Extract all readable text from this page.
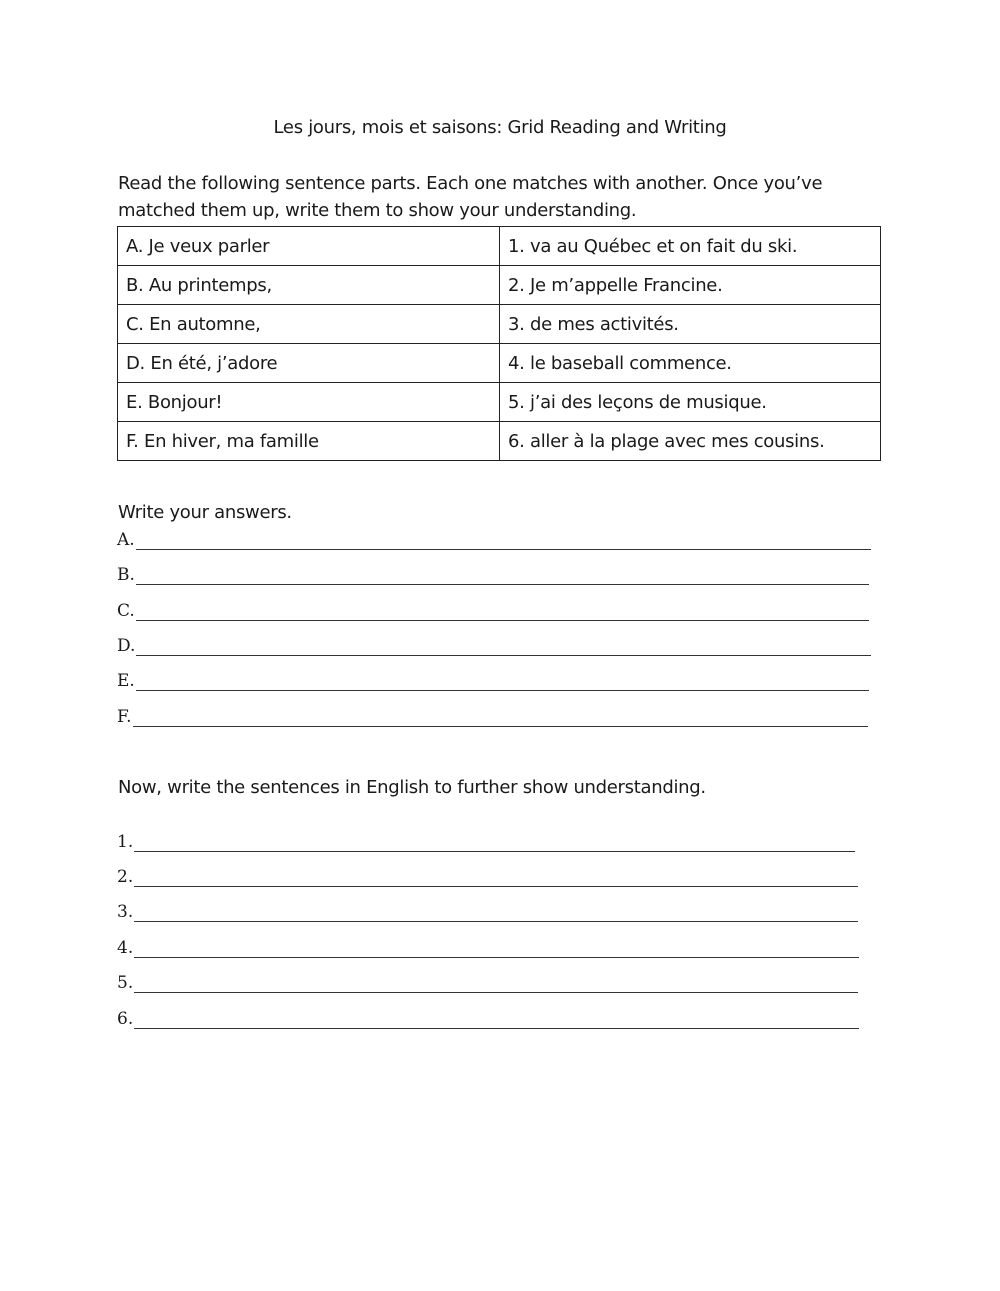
Les jours, mois et saisons: Grid Reading and Writing
Read the following sentence parts. Each one matches with another. Once you’ve matched them up, write them to show your understanding.
A. Je veux parler	1. va au Québec et on fait du ski.
B. Au printemps,	2. Je m’appelle Francine.
C. En automne,	3. de mes activités.
D. En été, j’adore	4. le baseball commence.
E. Bonjour!	5. j’ai des leçons de musique.
F. En hiver, ma famille	6. aller à la plage avec mes cousins.
Write your answers.
A.
B.
C.
D.
E.
F.
Now, write the sentences in English to further show understanding.
1.
2.
3.
4.
5.
6.
